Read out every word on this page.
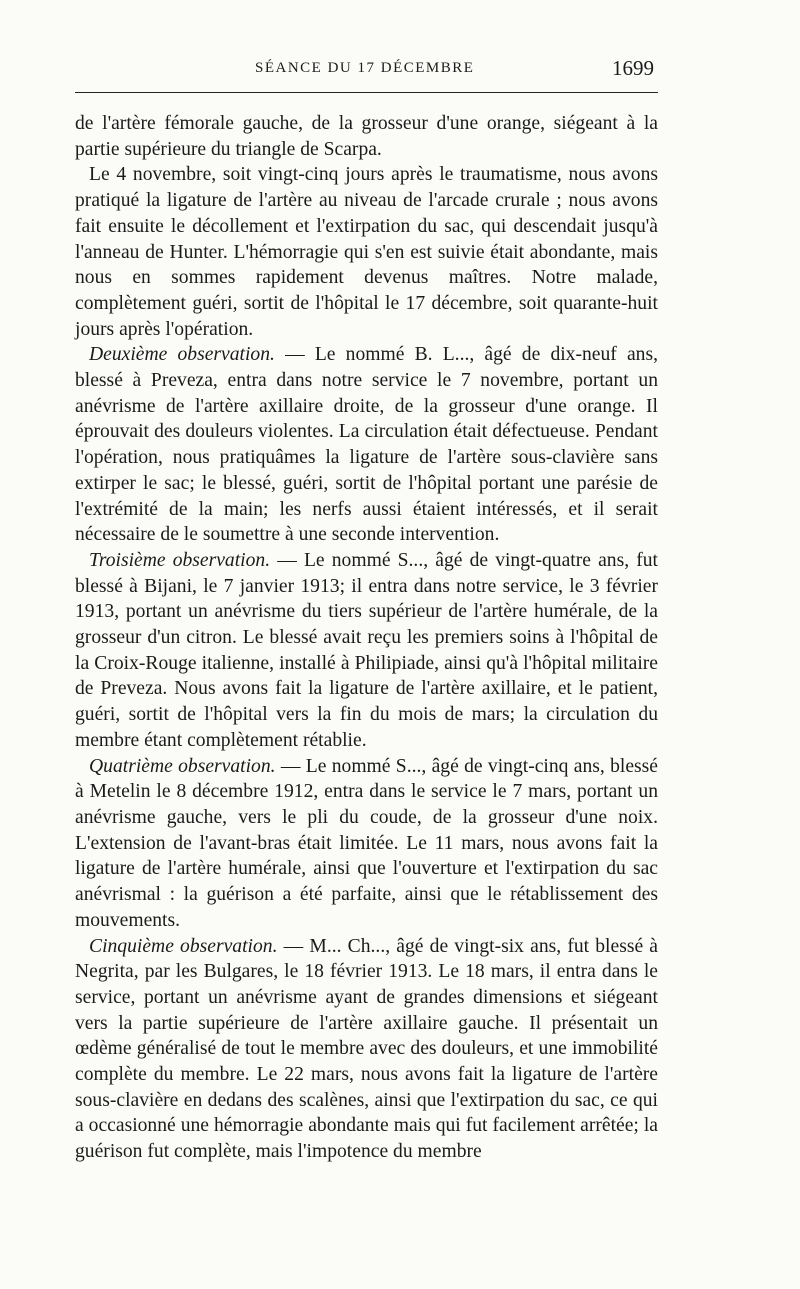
SÉANCE DU 17 DÉCEMBRE	1699

de l'artère fémorale gauche, de la grosseur d'une orange, siégeant à la partie supérieure du triangle de Scarpa.

Le 4 novembre, soit vingt-cinq jours après le traumatisme, nous avons pratiqué la ligature de l'artère au niveau de l'arcade crurale ; nous avons fait ensuite le décollement et l'extirpation du sac, qui descendait jusqu'à l'anneau de Hunter. L'hémorragie qui s'en est suivie était abondante, mais nous en sommes rapidement devenus maîtres. Notre malade, complètement guéri, sortit de l'hôpital le 17 décembre, soit quarante-huit jours après l'opération.

Deuxième observation. — Le nommé B. L..., âgé de dix-neuf ans, blessé à Preveza, entra dans notre service le 7 novembre, portant un anévrisme de l'artère axillaire droite, de la grosseur d'une orange. Il éprouvait des douleurs violentes. La circulation était défectueuse. Pendant l'opération, nous pratiquâmes la ligature de l'artère sous-clavière sans extirper le sac; le blessé, guéri, sortit de l'hôpital portant une parésie de l'extrémité de la main; les nerfs aussi étaient intéressés, et il serait nécessaire de le soumettre à une seconde intervention.

Troisième observation. — Le nommé S..., âgé de vingt-quatre ans, fut blessé à Bijani, le 7 janvier 1913; il entra dans notre service, le 3 février 1913, portant un anévrisme du tiers supérieur de l'artère humérale, de la grosseur d'un citron. Le blessé avait reçu les premiers soins à l'hôpital de la Croix-Rouge italienne, installé à Philipiade, ainsi qu'à l'hôpital militaire de Preveza. Nous avons fait la ligature de l'artère axillaire, et le patient, guéri, sortit de l'hôpital vers la fin du mois de mars; la circulation du membre étant complètement rétablie.

Quatrième observation. — Le nommé S..., âgé de vingt-cinq ans, blessé à Metelin le 8 décembre 1912, entra dans le service le 7 mars, portant un anévrisme gauche, vers le pli du coude, de la grosseur d'une noix. L'extension de l'avant-bras était limitée. Le 11 mars, nous avons fait la ligature de l'artère humérale, ainsi que l'ouverture et l'extirpation du sac anévrismal : la guérison a été parfaite, ainsi que le rétablissement des mouvements.

Cinquième observation. — M... Ch..., âgé de vingt-six ans, fut blessé à Negrita, par les Bulgares, le 18 février 1913. Le 18 mars, il entra dans le service, portant un anévrisme ayant de grandes dimensions et siégeant vers la partie supérieure de l'artère axillaire gauche. Il présentait un œdème généralisé de tout le membre avec des douleurs, et une immobilité complète du membre. Le 22 mars, nous avons fait la ligature de l'artère sous-clavière en dedans des scalènes, ainsi que l'extirpation du sac, ce qui a occasionné une hémorragie abondante mais qui fut facilement arrêtée; la guérison fut complète, mais l'impotence du membre
